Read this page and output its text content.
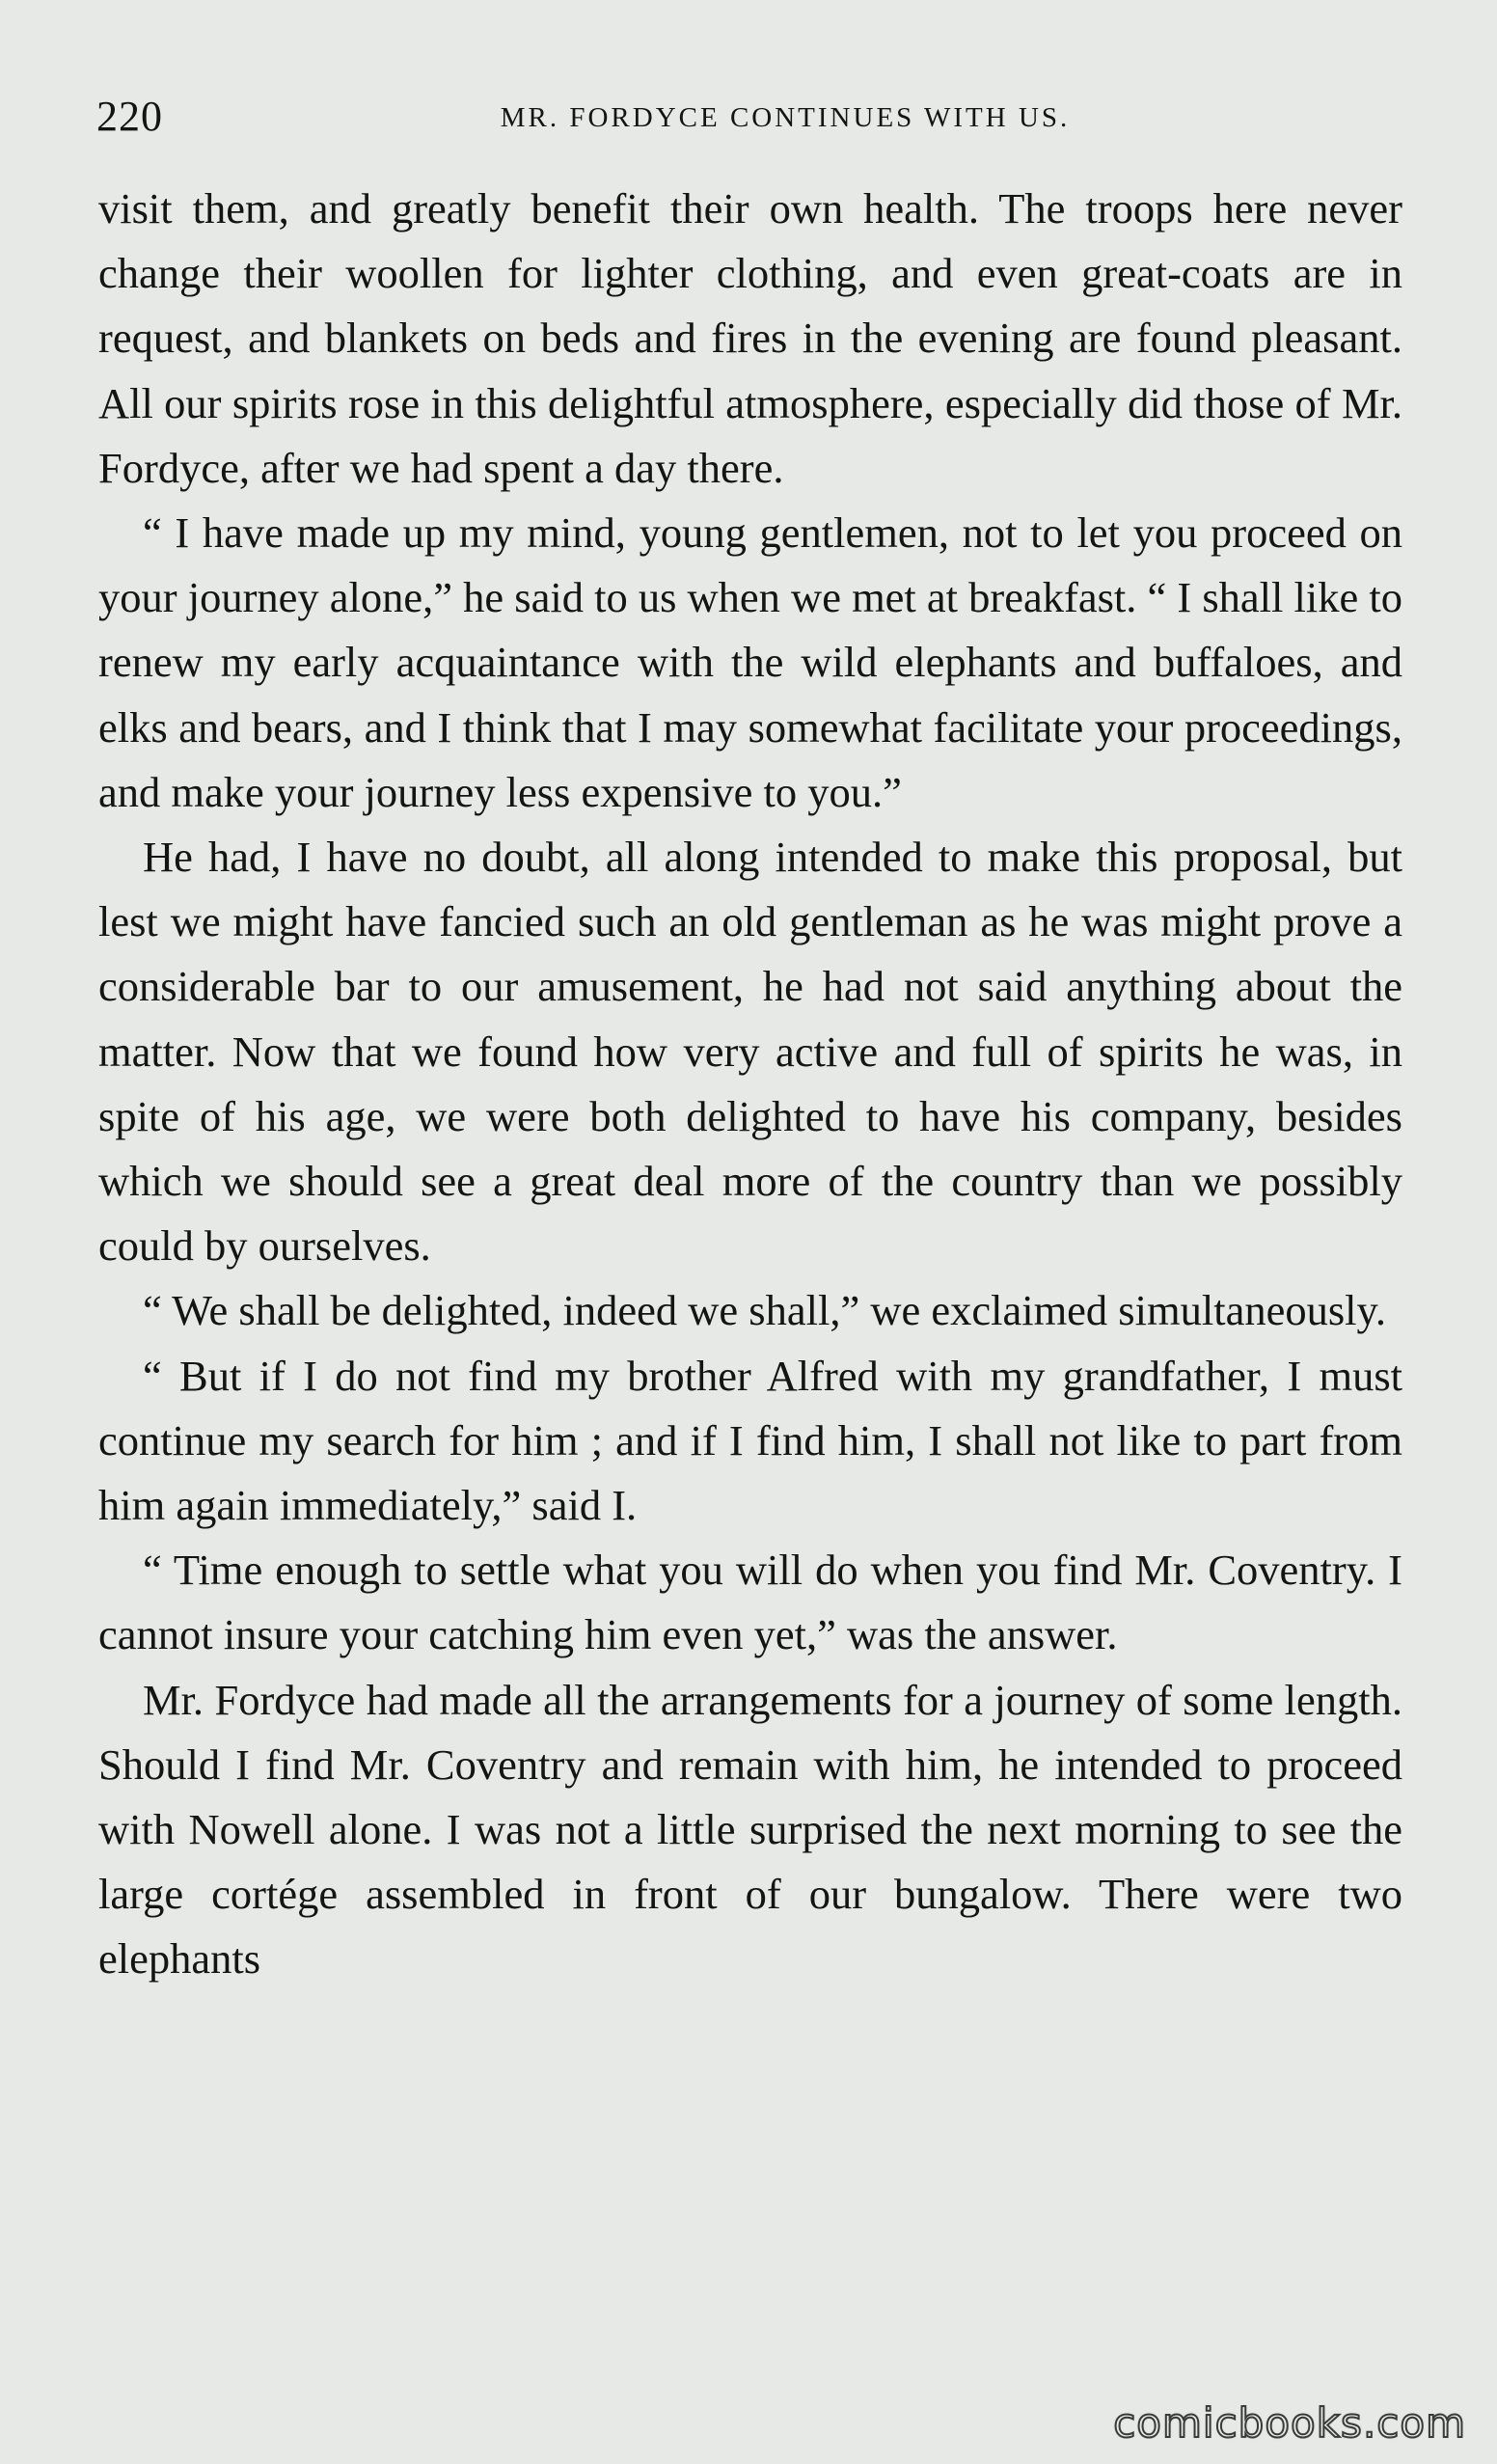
220	MR. FORDYCE CONTINUES WITH US.

visit them, and greatly benefit their own health. The troops here never change their woollen for lighter clothing, and even great-coats are in request, and blankets on beds and fires in the evening are found pleasant. All our spirits rose in this delightful atmosphere, especially did those of Mr. Fordyce, after we had spent a day there.

“ I have made up my mind, young gentlemen, not to let you proceed on your journey alone,” he said to us when we met at breakfast. “ I shall like to renew my early acquaintance with the wild elephants and buffaloes, and elks and bears, and I think that I may somewhat facilitate your proceedings, and make your journey less expensive to you.”

He had, I have no doubt, all along intended to make this proposal, but lest we might have fancied such an old gentleman as he was might prove a considerable bar to our amusement, he had not said anything about the matter. Now that we found how very active and full of spirits he was, in spite of his age, we were both delighted to have his company, besides which we should see a great deal more of the country than we possibly could by ourselves.

“ We shall be delighted, indeed we shall,” we exclaimed simultaneously.

“ But if I do not find my brother Alfred with my grandfather, I must continue my search for him ; and if I find him, I shall not like to part from him again immediately,” said I.

“ Time enough to settle what you will do when you find Mr. Coventry. I cannot insure your catching him even yet,” was the answer.

Mr. Fordyce had made all the arrangements for a journey of some length. Should I find Mr. Coventry and remain with him, he intended to proceed with Nowell alone. I was not a little surprised the next morning to see the large cortége assembled in front of our bungalow. There were two elephants

comicbooks.com
